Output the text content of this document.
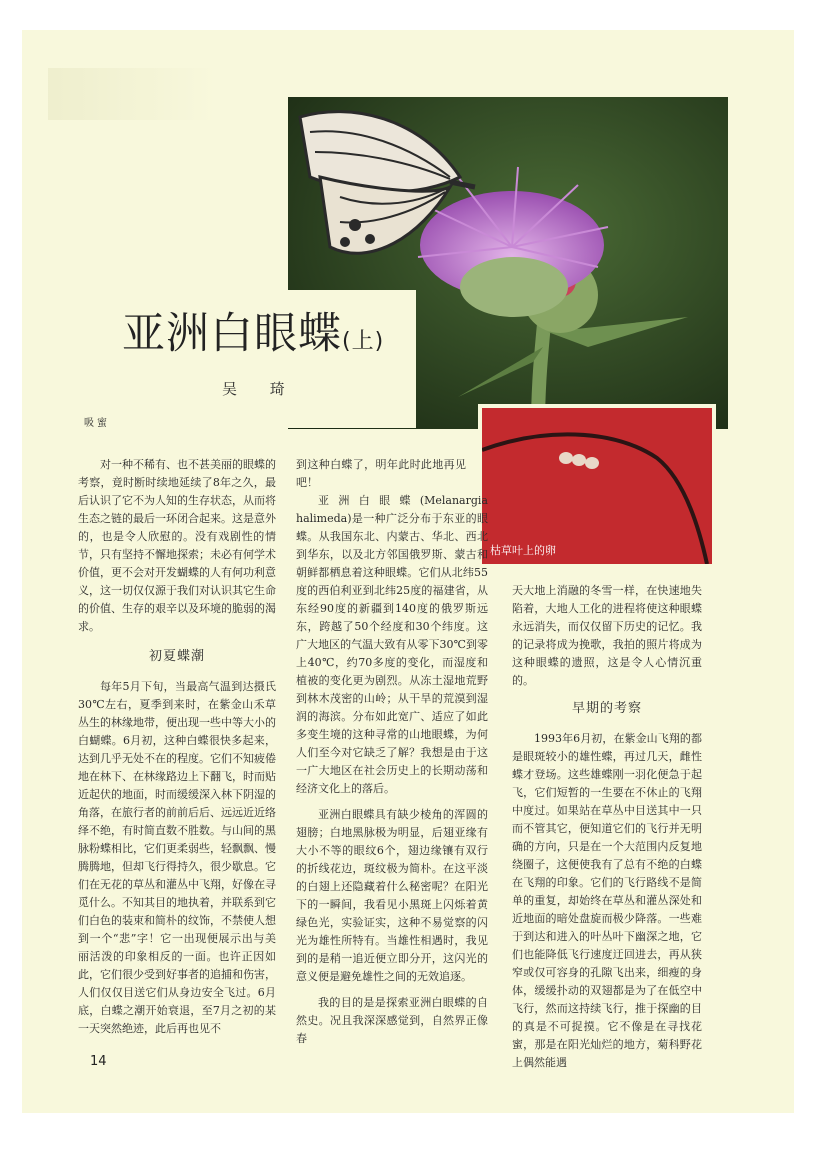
亚洲白眼蝶(上)
吴 琦
吸蜜
枯草叶上的卵

对一种不稀有、也不甚美丽的眼蝶的考察，竟时断时续地延续了8年之久，最后认识了它不为人知的生存状态，从而将生态之链的最后一环闭合起来。这是意外的，也是令人欣慰的。没有戏剧性的情节，只有坚持不懈地探索；未必有何学术价值，更不会对开发蝴蝶的人有何功利意义，这一切仅仅源于我们对认识其它生命的价值、生存的艰辛以及环境的脆弱的渴求。

初夏蝶潮

每年5月下旬，当最高气温到达摄氏30℃左右，夏季到来时，在紫金山禾草丛生的林缘地带，便出现一些中等大小的白蝴蝶。6月初，这种白蝶很快多起来，达到几乎无处不在的程度。它们不知疲倦地在林下、在林缘路边上下翻飞，时而贴近起伏的地面，时而缓缓深入林下阴湿的角落，在旅行者的前前后后、远远近近络绎不绝，有时简直数不胜数。与山间的黑脉粉蝶相比，它们更柔弱些，轻飘飘、慢腾腾地，但却飞行得持久，很少歇息。它们在无花的草丛和灌丛中飞翔，好像在寻觅什么。不知其目的地执着，并联系到它们白色的装束和简朴的纹饰，不禁使人想到一个“悲”字！它一出现便展示出与美丽活泼的印象相反的一面。也许正因如此，它们很少受到好事者的追捕和伤害，人们仅仅目送它们从身边安全飞过。6月底，白蝶之潮开始衰退，至7月之初的某一天突然绝迹，此后再也见不

到这种白蝶了，明年此时此地再见吧！

亚洲白眼蝶(Melanargia halimeda)是一种广泛分布于东亚的眼蝶。从我国东北、内蒙古、华北、西北到华东，以及北方邻国俄罗斯、蒙古和朝鲜都栖息着这种眼蝶。它们从北纬55度的西伯利亚到北纬25度的福建省，从东经90度的新疆到140度的俄罗斯远东，跨越了50个经度和30个纬度。这广大地区的气温大致有从零下30℃到零上40℃，约70多度的变化，而湿度和植被的变化更为剧烈。从冻土湿地荒野到林木茂密的山岭；从干旱的荒漠到湿润的海滨。分布如此宽广、适应了如此多变生境的这种寻常的山地眼蝶，为何人们至今对它缺乏了解？我想是由于这一广大地区在社会历史上的长期动荡和经济文化上的落后。

亚洲白眼蝶具有缺少棱角的浑圆的翅膀；白地黑脉极为明显，后翅亚缘有大小不等的眼纹6个，翅边缘镶有双行的折线花边，斑纹极为简朴。在这平淡的白翅上还隐藏着什么秘密呢？在阳光下的一瞬间，我看见小黑斑上闪烁着黄绿色光，实验证实，这种不易觉察的闪光为雄性所特有。当雄性相遇时，我见到的是稍一追近便立即分开，这闪光的意义便是避免雄性之间的无效追逐。

我的目的是是探索亚洲白眼蝶的自然史。况且我深深感觉到，自然界正像春

天大地上消融的冬雪一样，在快速地失陷着，大地人工化的进程将使这种眼蝶永远消失，而仅仅留下历史的记忆。我的记录将成为挽歌，我拍的照片将成为这种眼蝶的遗照，这是令人心情沉重的。

早期的考察

1993年6月初，在紫金山飞翔的都是眼斑较小的雄性蝶，再过几天，雌性蝶才登场。这些雄蝶刚一羽化便急于起飞，它们短暂的一生要在不休止的飞翔中度过。如果站在草丛中目送其中一只而不管其它，便知道它们的飞行并无明确的方向，只是在一个大范围内反复地绕圈子，这便使我有了总有不绝的白蝶在飞翔的印象。它们的飞行路线不是简单的重复，却始终在草丛和灌丛深处和近地面的暗处盘旋而极少降落。一些难于到达和进入的叶丛叶下幽深之地，它们也能降低飞行速度迂回进去，再从狭窄或仅可容身的孔隙飞出来，细瘦的身体，缓缓扑动的双翅都是为了在低空中飞行，然而这持续飞行，推于探幽的目的真是不可捉摸。它不像是在寻找花蜜，那是在阳光灿烂的地方，菊科野花上偶然能遇

14
